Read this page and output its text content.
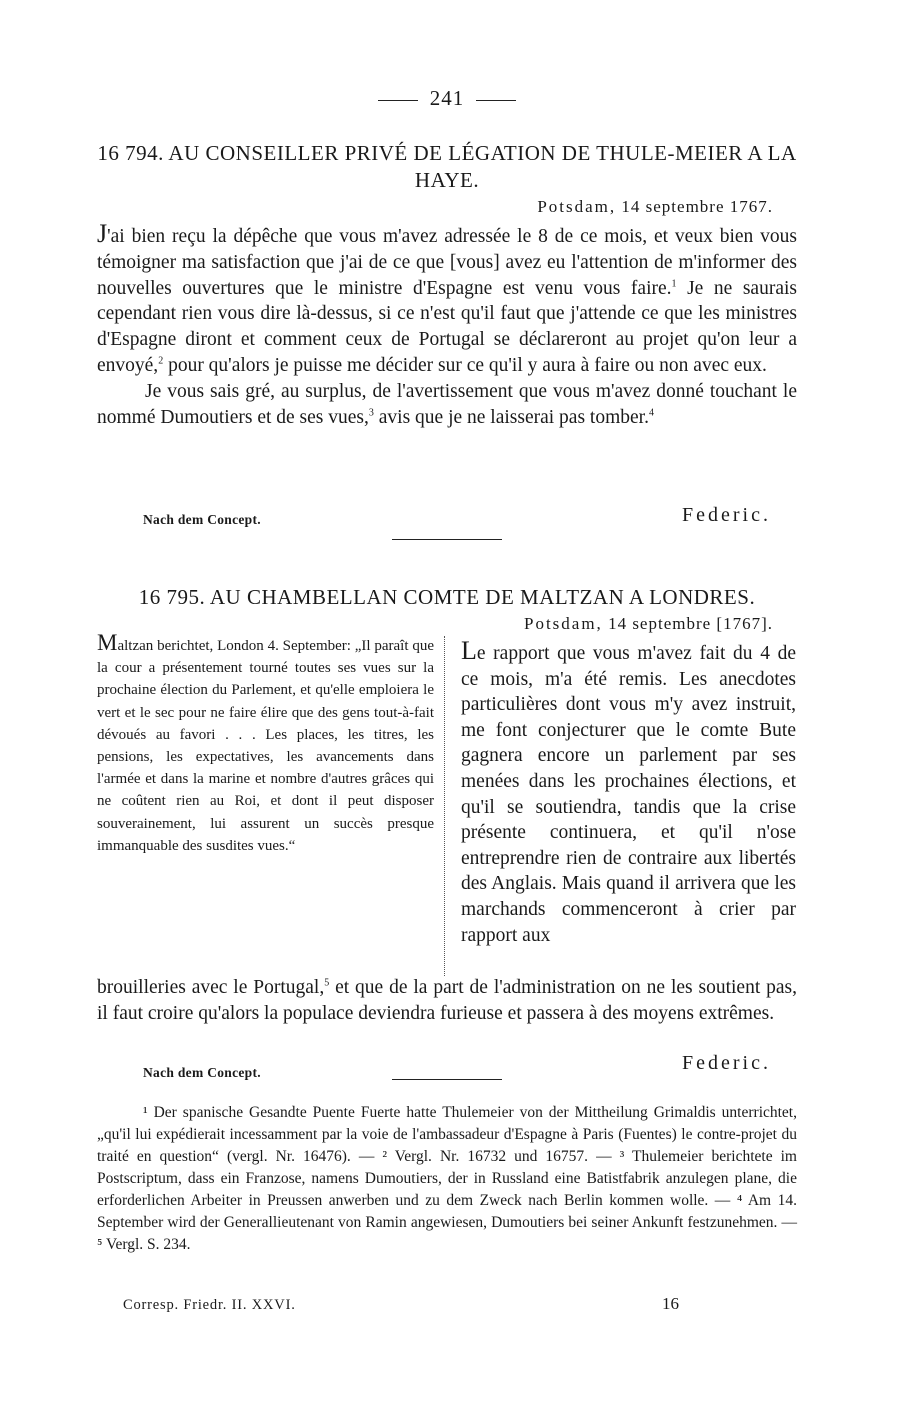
241
16 794. AU CONSEILLER PRIVÉ DE LÉGATION DE THULE-MEIER A LA HAYE.
Potsdam, 14 septembre 1767.

J'ai bien reçu la dépêche que vous m'avez adressée le 8 de ce mois, et veux bien vous témoigner ma satisfaction que j'ai de ce que [vous] avez eu l'attention de m'informer des nouvelles ouvertures que le ministre d'Espagne est venu vous faire.$^1$ Je ne saurais cependant rien vous dire là-dessus, si ce n'est qu'il faut que j'attende ce que les ministres d'Espagne diront et comment ceux de Portugal se déclareront au projet qu'on leur a envoyé,$^2$ pour qu'alors je puisse me décider sur ce qu'il y aura à faire ou non avec eux.

Je vous sais gré, au surplus, de l'avertissement que vous m'avez donné touchant le nommé Dumoutiers et de ses vues,$^3$ avis que je ne laisserai pas tomber.$^4$

Nach dem Concept.	Federic.
16 795. AU CHAMBELLAN COMTE DE MALTZAN A LONDRES.
Potsdam, 14 septembre [1767].
Maltzan berichtet, London 4. September: „Il paraît que la cour a présentement tourné toutes ses vues sur la prochaine élection du Parlement, et qu'elle emploiera le vert et le sec pour ne faire élire que des gens tout-à-fait dévoués au favori . . . Les places, les titres, les pensions, les expectatives, les avancements dans l'armée et dans la marine et nombre d'autres grâces qui ne coûtent rien au Roi, et dont il peut disposer souverainement, lui assurent un succès presque immanquable des susdites vues.“
Le rapport que vous m'avez fait du 4 de ce mois, m'a été remis. Les anecdotes particulières dont vous m'y avez instruit, me font conjecturer que le comte Bute gagnera encore un parlement par ses menées dans les prochaines élections, et qu'il se soutiendra, tandis que la crise présente continuera, et qu'il n'ose entreprendre rien de contraire aux libertés des Anglais. Mais quand il arrivera que les marchands commenceront à crier par rapport aux
brouilleries avec le Portugal,$^5$ et que de la part de l'administration on ne les soutient pas, il faut croire qu'alors la populace deviendra furieuse et passera à des moyens extrêmes.
Nach dem Concept.	Federic.

¹ Der spanische Gesandte Puente Fuerte hatte Thulemeier von der Mittheilung Grimaldis unterrichtet, „qu'il lui expédierait incessamment par la voie de l'ambassadeur d'Espagne à Paris (Fuentes) le contre-projet du traité en question“ (vergl. Nr. 16476). — ² Vergl. Nr. 16732 und 16757. — ³ Thulemeier berichtete im Postscriptum, dass ein Franzose, namens Dumoutiers, der in Russland eine Batistfabrik anzulegen plane, die erforderlichen Arbeiter in Preussen anwerben und zu dem Zweck nach Berlin kommen wolle. — ⁴ Am 14. September wird der Generallieutenant von Ramin angewiesen, Dumoutiers bei seiner Ankunft festzunehmen. — ⁵ Vergl. S. 234.

Corresp. Friedr. II. XXVI.	16
